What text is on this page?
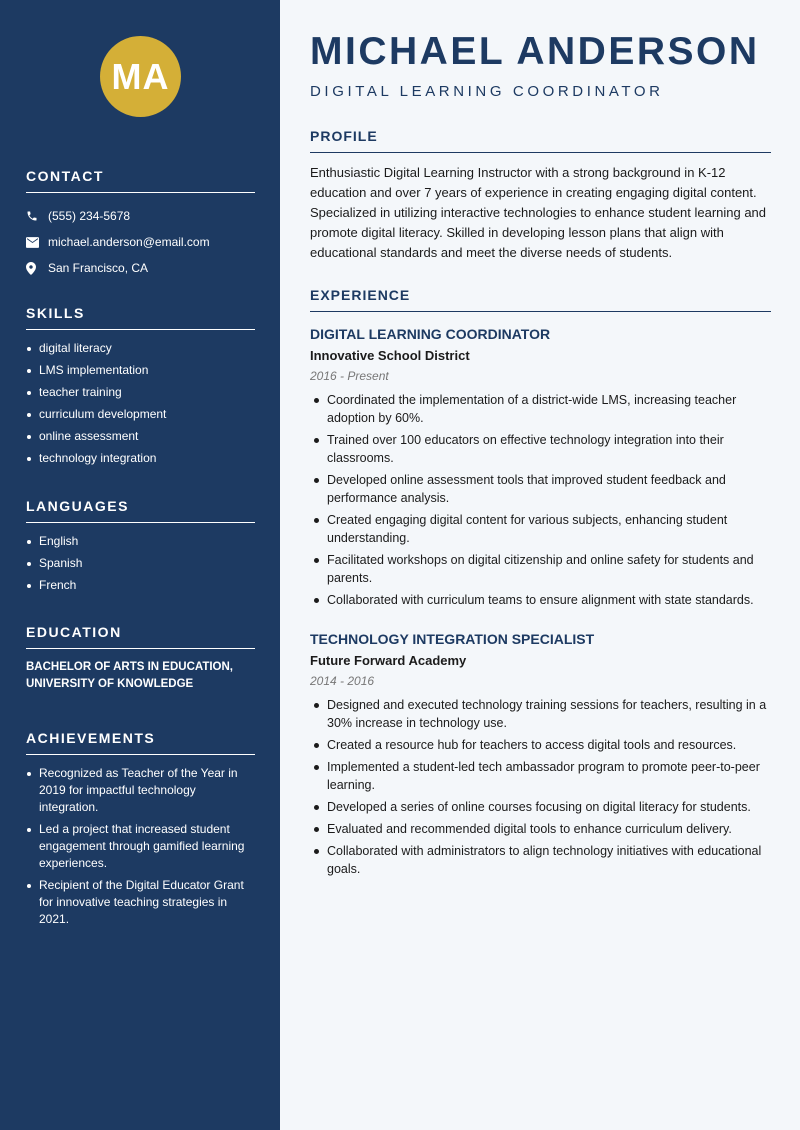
MA
CONTACT
(555) 234-5678
michael.anderson@email.com
San Francisco, CA
SKILLS
digital literacy
LMS implementation
teacher training
curriculum development
online assessment
technology integration
LANGUAGES
English
Spanish
French
EDUCATION
BACHELOR OF ARTS IN EDUCATION,
UNIVERSITY OF KNOWLEDGE
ACHIEVEMENTS
Recognized as Teacher of the Year in 2019 for impactful technology integration.
Led a project that increased student engagement through gamified learning experiences.
Recipient of the Digital Educator Grant for innovative teaching strategies in 2021.
MICHAEL ANDERSON
DIGITAL LEARNING COORDINATOR
PROFILE

Enthusiastic Digital Learning Instructor with a strong background in K-12 education and over 7 years of experience in creating engaging digital content. Specialized in utilizing interactive technologies to enhance student learning and promote digital literacy. Skilled in developing lesson plans that align with educational standards and meet the diverse needs of students.

EXPERIENCE
DIGITAL LEARNING COORDINATOR
Innovative School District
2016 - Present
Coordinated the implementation of a district-wide LMS, increasing teacher adoption by 60%.
Trained over 100 educators on effective technology integration into their classrooms.
Developed online assessment tools that improved student feedback and performance analysis.
Created engaging digital content for various subjects, enhancing student understanding.
Facilitated workshops on digital citizenship and online safety for students and parents.
Collaborated with curriculum teams to ensure alignment with state standards.
TECHNOLOGY INTEGRATION SPECIALIST
Future Forward Academy
2014 - 2016
Designed and executed technology training sessions for teachers, resulting in a 30% increase in technology use.
Created a resource hub for teachers to access digital tools and resources.
Implemented a student-led tech ambassador program to promote peer-to-peer learning.
Developed a series of online courses focusing on digital literacy for students.
Evaluated and recommended digital tools to enhance curriculum delivery.
Collaborated with administrators to align technology initiatives with educational goals.
